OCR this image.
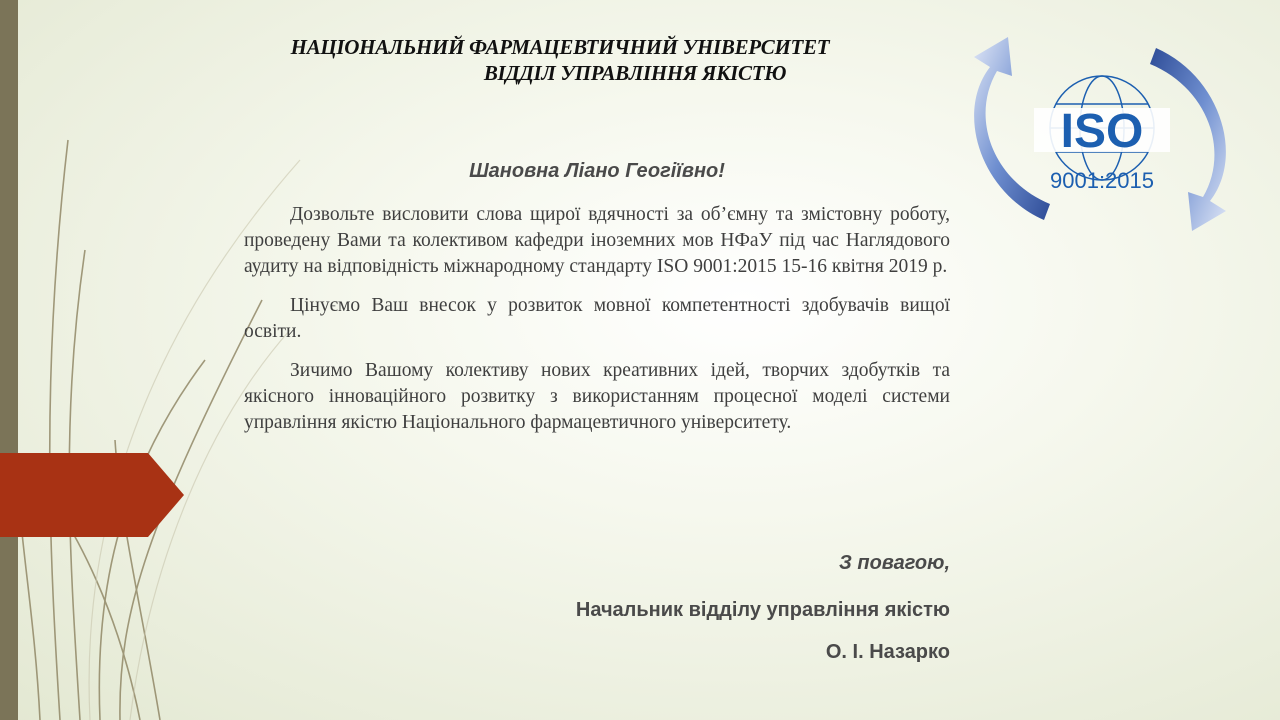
НАЦІОНАЛЬНИЙ ФАРМАЦЕВТИЧНИЙ УНІВЕРСИТЕТ
ВІДДІЛ УПРАВЛІННЯ ЯКІСТЮ
ISO
9001:2015
Шановна Ліано Геогіївно!

Дозвольте висловити слова щирої вдячності за об’ємну та змістовну роботу, проведену Вами та колективом кафедри іноземних мов НФаУ під час Наглядового аудиту на відповідність міжнародному стандарту ISO 9001:2015 15-16 квітня 2019 р.

Цінуємо Ваш внесок у розвиток мовної компетентності здобувачів вищої освіти.

Зичимо Вашому колективу нових креативних ідей, творчих здобутків та якісного інноваційного розвитку з використанням процесної моделі системи управління якістю Національного фармацевтичного університету.

З повагою,
Начальник відділу управління якістю
О. І. Назарко
